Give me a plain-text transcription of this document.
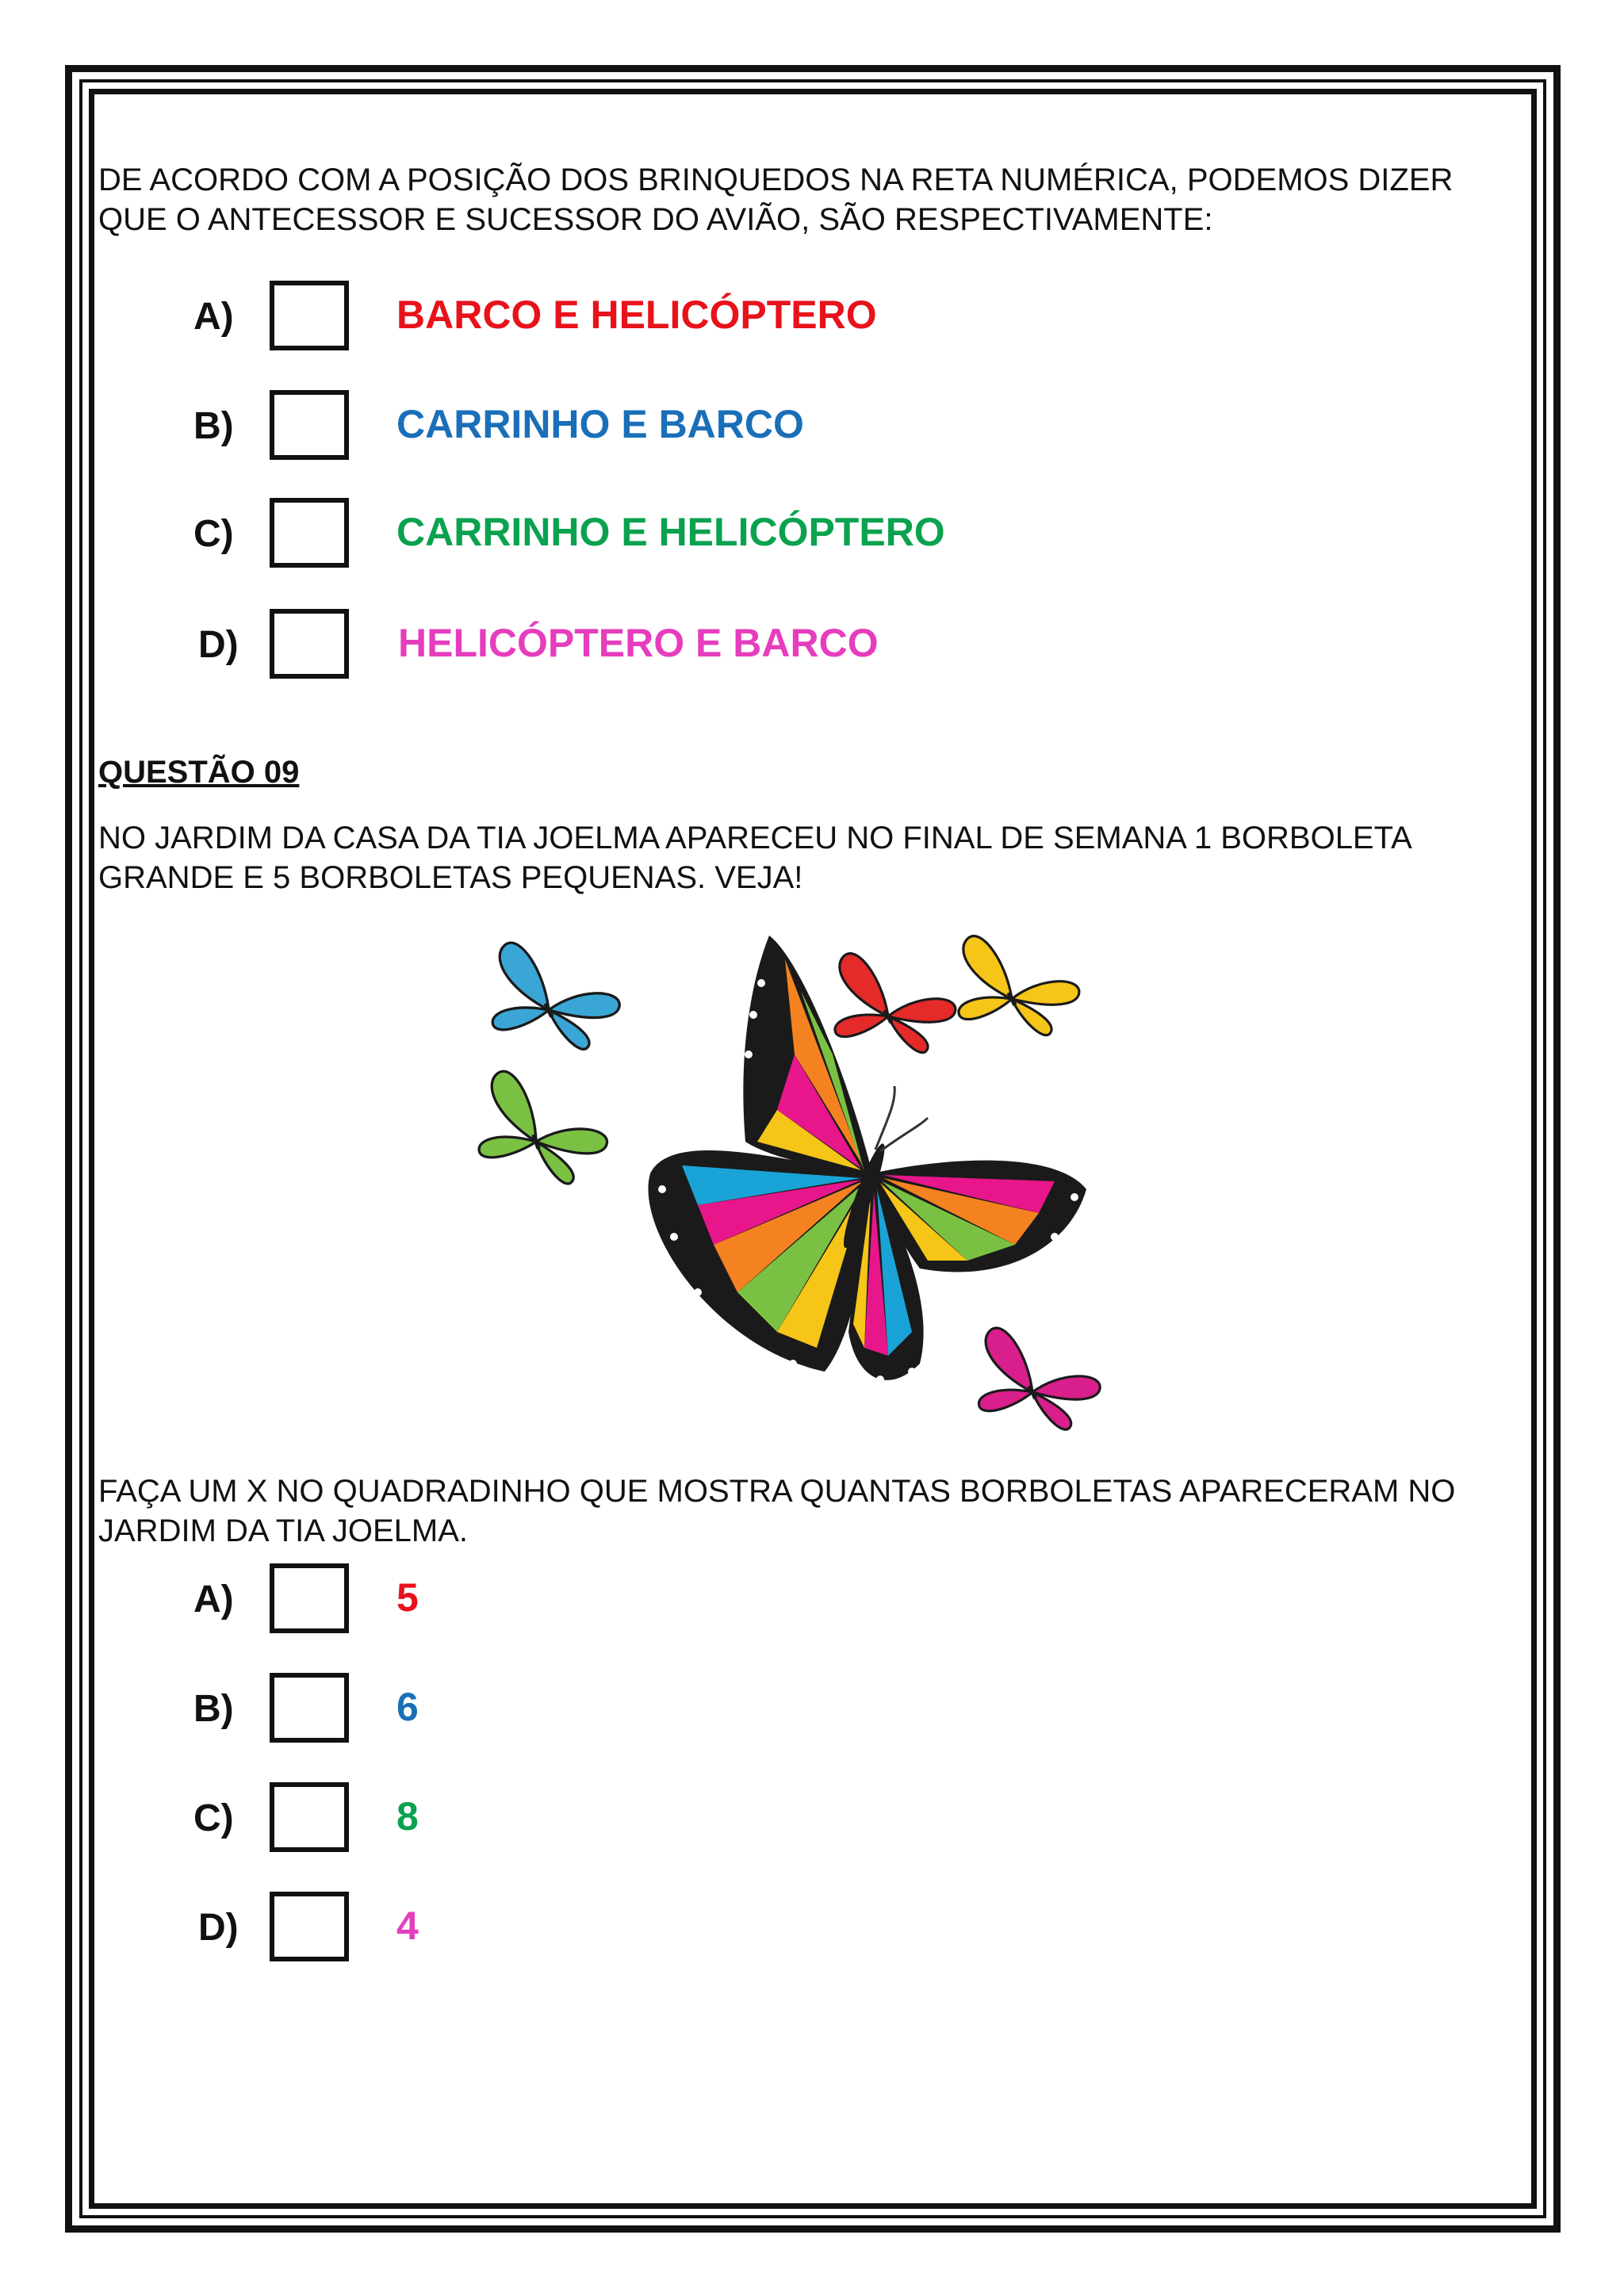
DE ACORDO COM A POSIÇÃO DOS BRINQUEDOS NA RETA NUMÉRICA, PODEMOS DIZER QUE O ANTECESSOR E SUCESSOR DO AVIÃO, SÃO RESPECTIVAMENTE:

A)	BARCO E HELICÓPTERO
B)	CARRINHO E BARCO
C)	CARRINHO E HELICÓPTERO
D)	HELICÓPTERO E BARCO

QUESTÃO 09

NO JARDIM DA CASA DA TIA JOELMA APARECEU NO FINAL DE SEMANA 1 BORBOLETA GRANDE E 5 BORBOLETAS PEQUENAS. VEJA!

FAÇA UM X NO QUADRADINHO QUE MOSTRA QUANTAS BORBOLETAS APARECERAM NO JARDIM DA TIA JOELMA.

A)	5
B)	6
C)	8
D)	4
